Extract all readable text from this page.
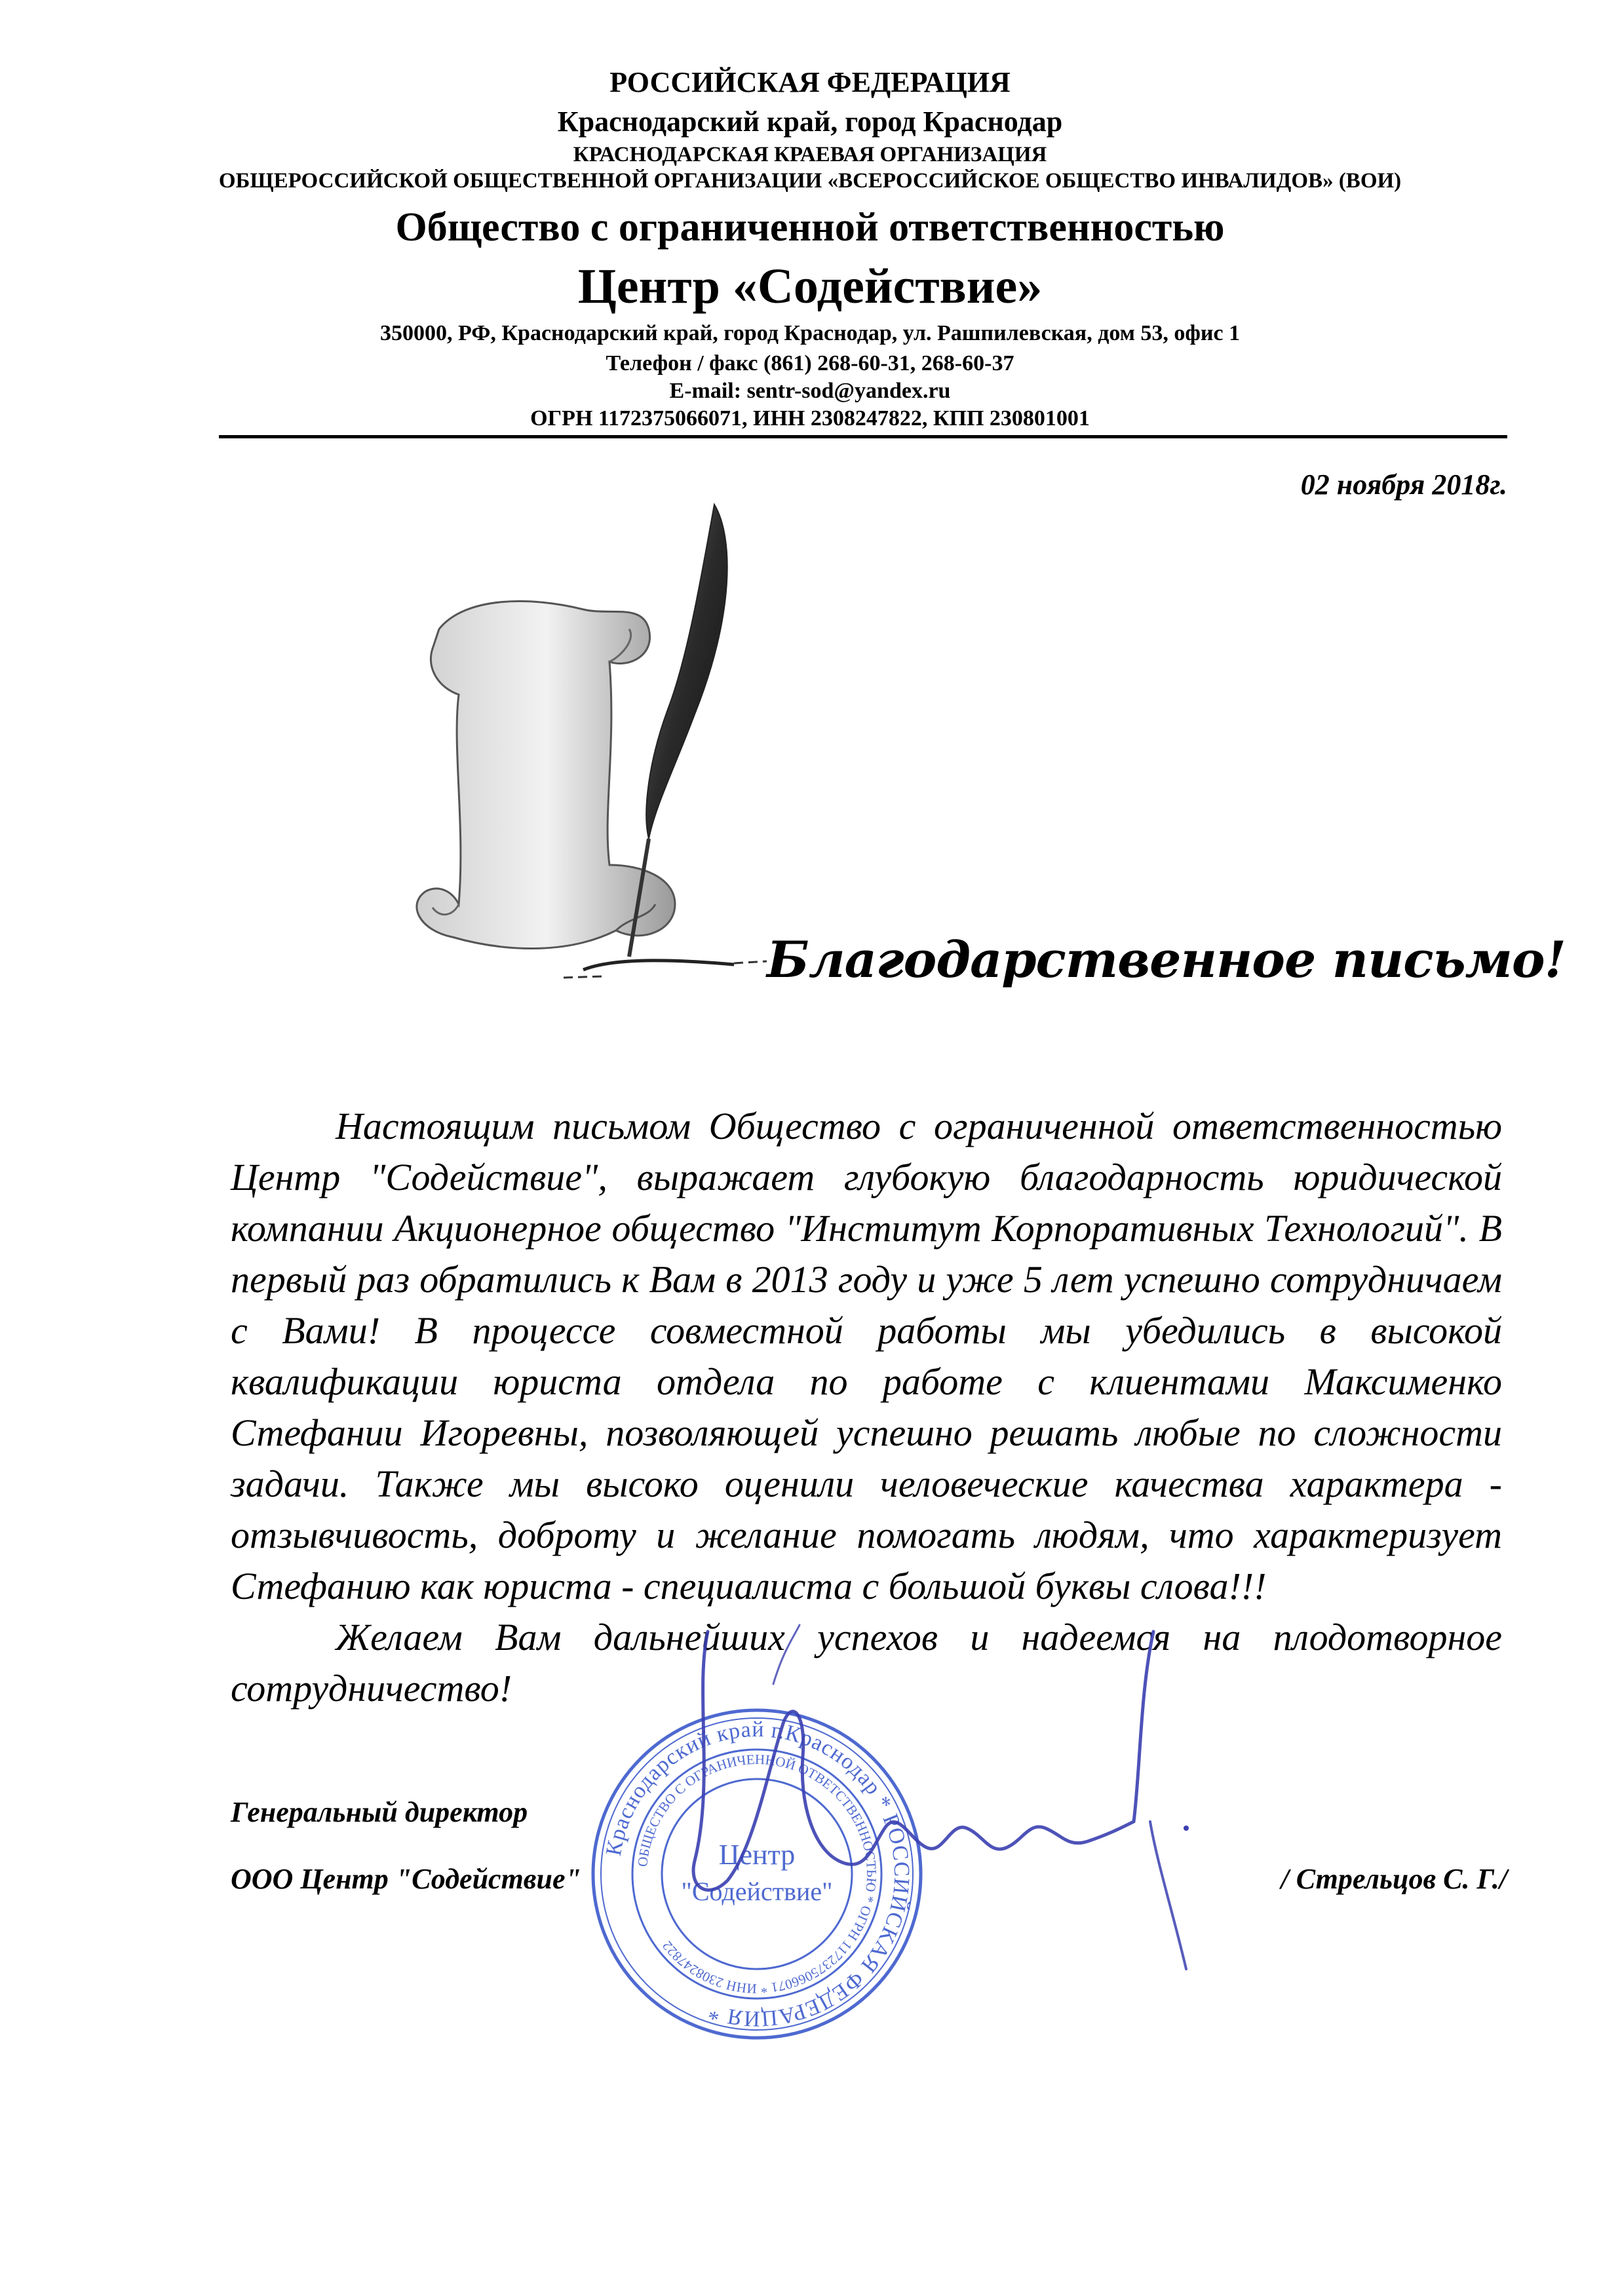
РОССИЙСКАЯ ФЕДЕРАЦИЯ
Краснодарский край, город Краснодар
КРАСНОДАРСКАЯ КРАЕВАЯ ОРГАНИЗАЦИЯ
ОБЩЕРОССИЙСКОЙ ОБЩЕСТВЕННОЙ ОРГАНИЗАЦИИ «ВСЕРОССИЙСКОЕ ОБЩЕСТВО ИНВАЛИДОВ» (ВОИ)
Общество с ограниченной ответственностью
Центр «Содействие»
350000, РФ, Краснодарский край, город Краснодар, ул. Рашпилевская, дом 53, офис 1
Телефон / факс (861) 268-60-31, 268-60-37
E-mail: sentr-sod@yandex.ru
ОГРН 1172375066071, ИНН 2308247822, КПП 230801001
02 ноября 2018г.
Благодарственное письмо!

Настоящим письмом Общество с ограниченной ответственностью Центр "Содействие", выражает глубокую благодарность юридической компании Акционерное общество "Институт Корпоративных Технологий". В первый раз обратились к Вам в 2013 году и уже 5 лет успешно сотрудничаем с Вами! В процессе совместной работы мы убедились в высокой квалификации юриста отдела по работе с клиентами Максименко Стефании Игоревны, позволяющей успешно решать любые по сложности задачи. Также мы высоко оценили человеческие качества характера - отзывчивость, доброту и желание помогать людям, что характеризует Стефанию как юриста - специалиста с большой буквы слова!!!

Желаем Вам дальнейших успехов и надеемся на плодотворное сотрудничество!

Генеральный директор
ООО Центр "Содействие"	/ Стрельцов С. Г./
Краснодарский край г.Краснодар * РОССИЙСКАЯ ФЕДЕРАЦИЯ *
ОБЩЕСТВО С ОГРАНИЧЕННОЙ ОТВЕТСТВЕННОСТЬЮ * ОГРН 1172375066071 * ИНН 2308247822
Центр
"Содействие"
